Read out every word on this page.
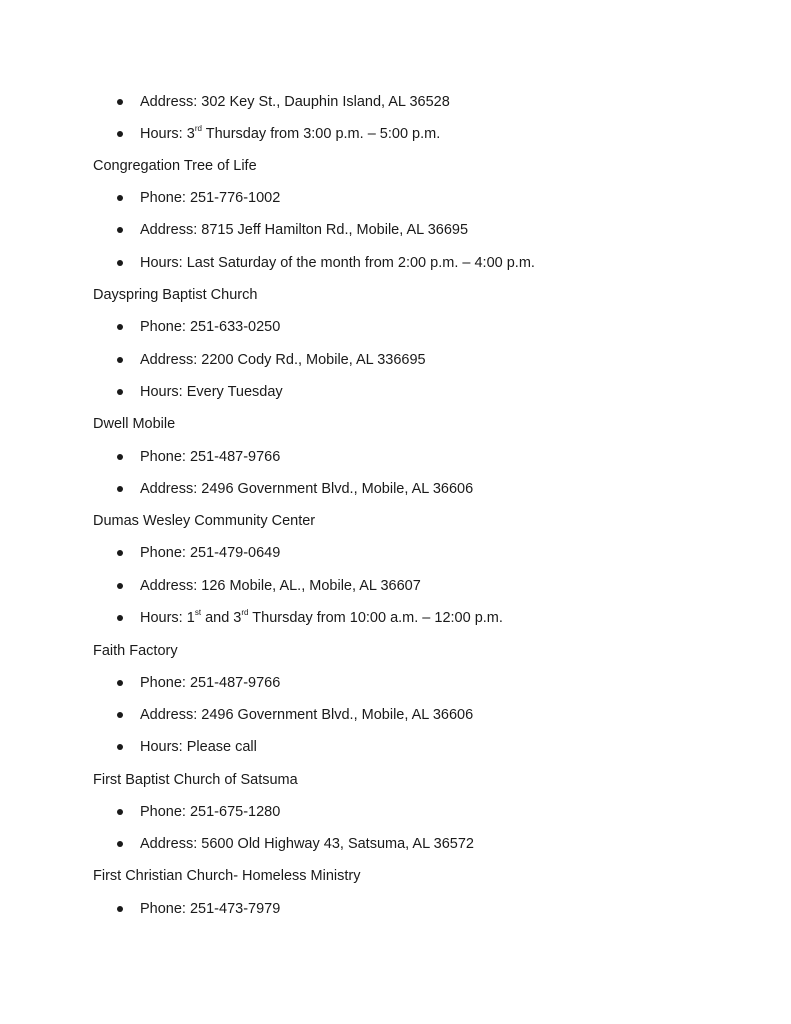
Address: 302 Key St., Dauphin Island, AL 36528
Hours: 3rd Thursday from 3:00 p.m. – 5:00 p.m.
Congregation Tree of Life
Phone: 251-776-1002
Address: 8715 Jeff Hamilton Rd., Mobile, AL 36695
Hours: Last Saturday of the month from 2:00 p.m. – 4:00 p.m.
Dayspring Baptist Church
Phone: 251-633-0250
Address: 2200 Cody Rd., Mobile, AL 336695
Hours: Every Tuesday
Dwell Mobile
Phone: 251-487-9766
Address: 2496 Government Blvd., Mobile, AL 36606
Dumas Wesley Community Center
Phone: 251-479-0649
Address: 126 Mobile, AL., Mobile, AL 36607
Hours: 1st and 3rd Thursday from 10:00 a.m. – 12:00 p.m.
Faith Factory
Phone: 251-487-9766
Address: 2496 Government Blvd., Mobile, AL 36606
Hours: Please call
First Baptist Church of Satsuma
Phone: 251-675-1280
Address: 5600 Old Highway 43, Satsuma, AL 36572
First Christian Church- Homeless Ministry
Phone: 251-473-7979
